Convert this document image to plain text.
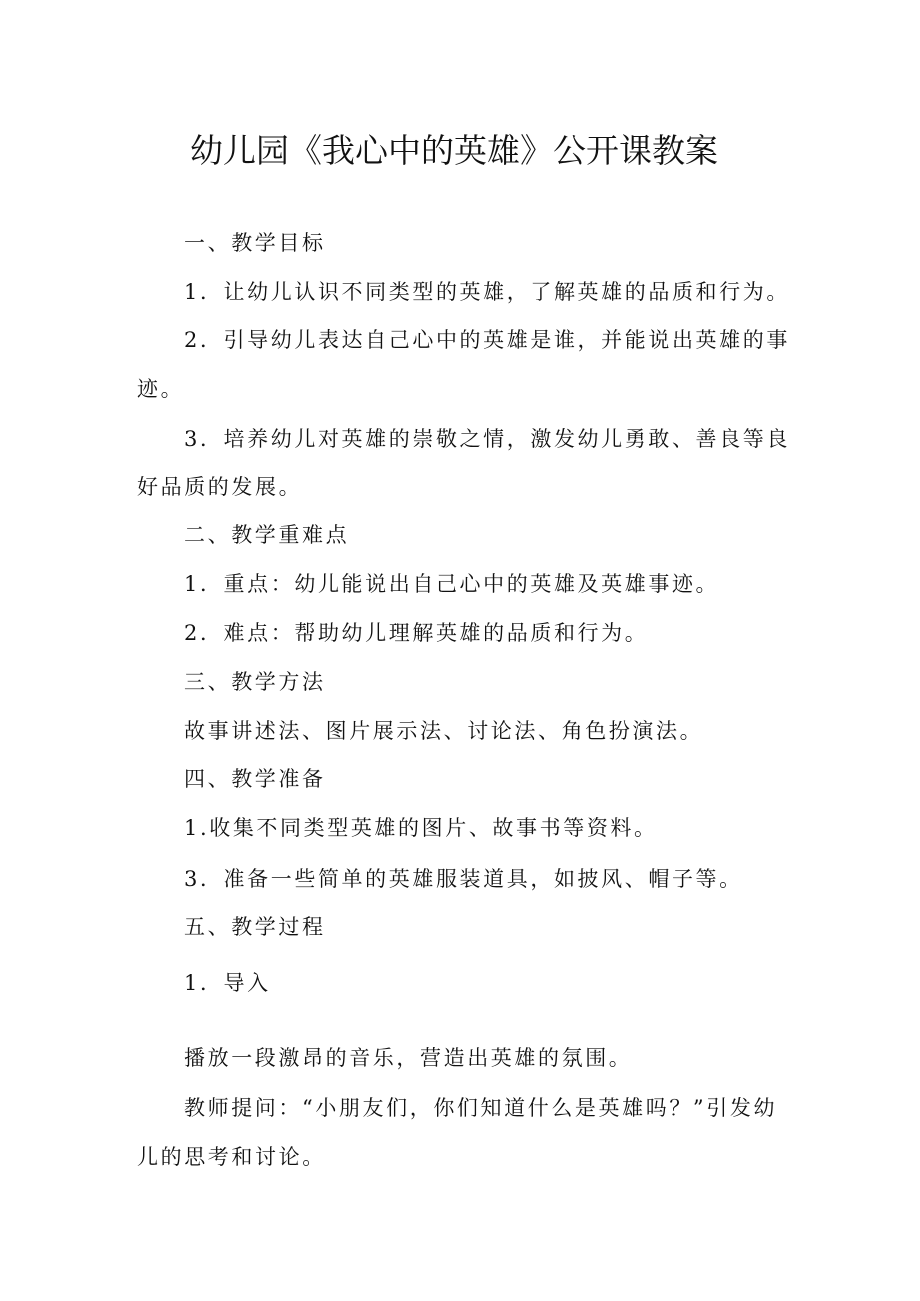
幼儿园《我心中的英雄》公开课教案

一、教学目标

1．让幼儿认识不同类型的英雄，了解英雄的品质和行为。

2．引导幼儿表达自己心中的英雄是谁，并能说出英雄的事

迹。

3．培养幼儿对英雄的崇敬之情，激发幼儿勇敢、善良等良

好品质的发展。

二、教学重难点

1．重点：幼儿能说出自己心中的英雄及英雄事迹。

2．难点：帮助幼儿理解英雄的品质和行为。

三、教学方法

故事讲述法、图片展示法、讨论法、角色扮演法。

四、教学准备

1.收集不同类型英雄的图片、故事书等资料。

3．准备一些简单的英雄服装道具，如披风、帽子等。

五、教学过程

1．导入

播放一段激昂的音乐，营造出英雄的氛围。

教师提问：“小朋友们，你们知道什么是英雄吗？”引发幼

儿的思考和讨论。
